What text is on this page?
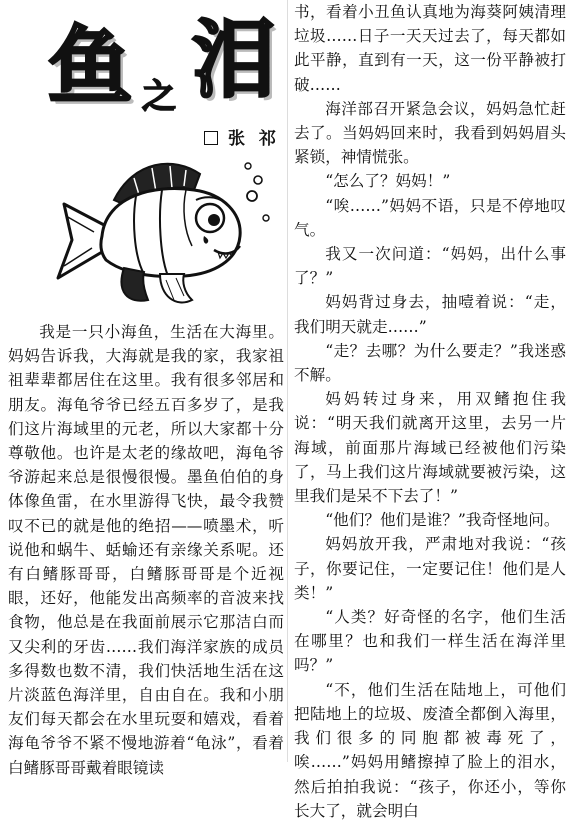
鱼 之 泪
张 祁

我是一只小海鱼，生活在大海里。妈妈告诉我，大海就是我的家，我家祖祖辈辈都居住在这里。我有很多邻居和朋友。海龟爷爷已经五百多岁了，是我们这片海域里的元老，所以大家都十分尊敬他。也许是太老的缘故吧，海龟爷爷游起来总是很慢很慢。墨鱼伯伯的身体像鱼雷，在水里游得飞快，最令我赞叹不已的就是他的绝招——喷墨术，听说他和蜗牛、蛞蝓还有亲缘关系呢。还有白鳍豚哥哥，白鳍豚哥哥是个近视眼，还好，他能发出高频率的音波来找食物，他总是在我面前展示它那洁白而又尖利的牙齿……我们海洋家族的成员多得数也数不清，我们快活地生活在这片淡蓝色海洋里，自由自在。我和小朋友们每天都会在水里玩耍和嬉戏，看着海龟爷爷不紧不慢地游着“龟泳”，看着白鳍豚哥哥戴着眼镜读

书，看着小丑鱼认真地为海葵阿姨清理垃圾……日子一天天过去了，每天都如此平静，直到有一天，这一份平静被打破……

海洋部召开紧急会议，妈妈急忙赶去了。当妈妈回来时，我看到妈妈眉头紧锁，神情慌张。

“怎么了？妈妈！”

“唉……”妈妈不语，只是不停地叹气。

我又一次问道：“妈妈，出什么事了？”

妈妈背过身去，抽噎着说：“走，我们明天就走……”

“走？去哪？为什么要走？”我迷惑不解。

妈妈转过身来，用双鳍抱住我说：“明天我们就离开这里，去另一片海域，前面那片海域已经被他们污染了，马上我们这片海域就要被污染，这里我们是呆不下去了！”

“他们？他们是谁？”我奇怪地问。

妈妈放开我，严肃地对我说：“孩子，你要记住，一定要记住！他们是人类！”

“人类？好奇怪的名字，他们生活在哪里？也和我们一样生活在海洋里吗？”

“不，他们生活在陆地上，可他们把陆地上的垃圾、废渣全都倒入海里，我们很多的同胞都被毒死了，唉……”妈妈用鳍擦掉了脸上的泪水，然后拍拍我说：“孩子，你还小，等你长大了，就会明白
